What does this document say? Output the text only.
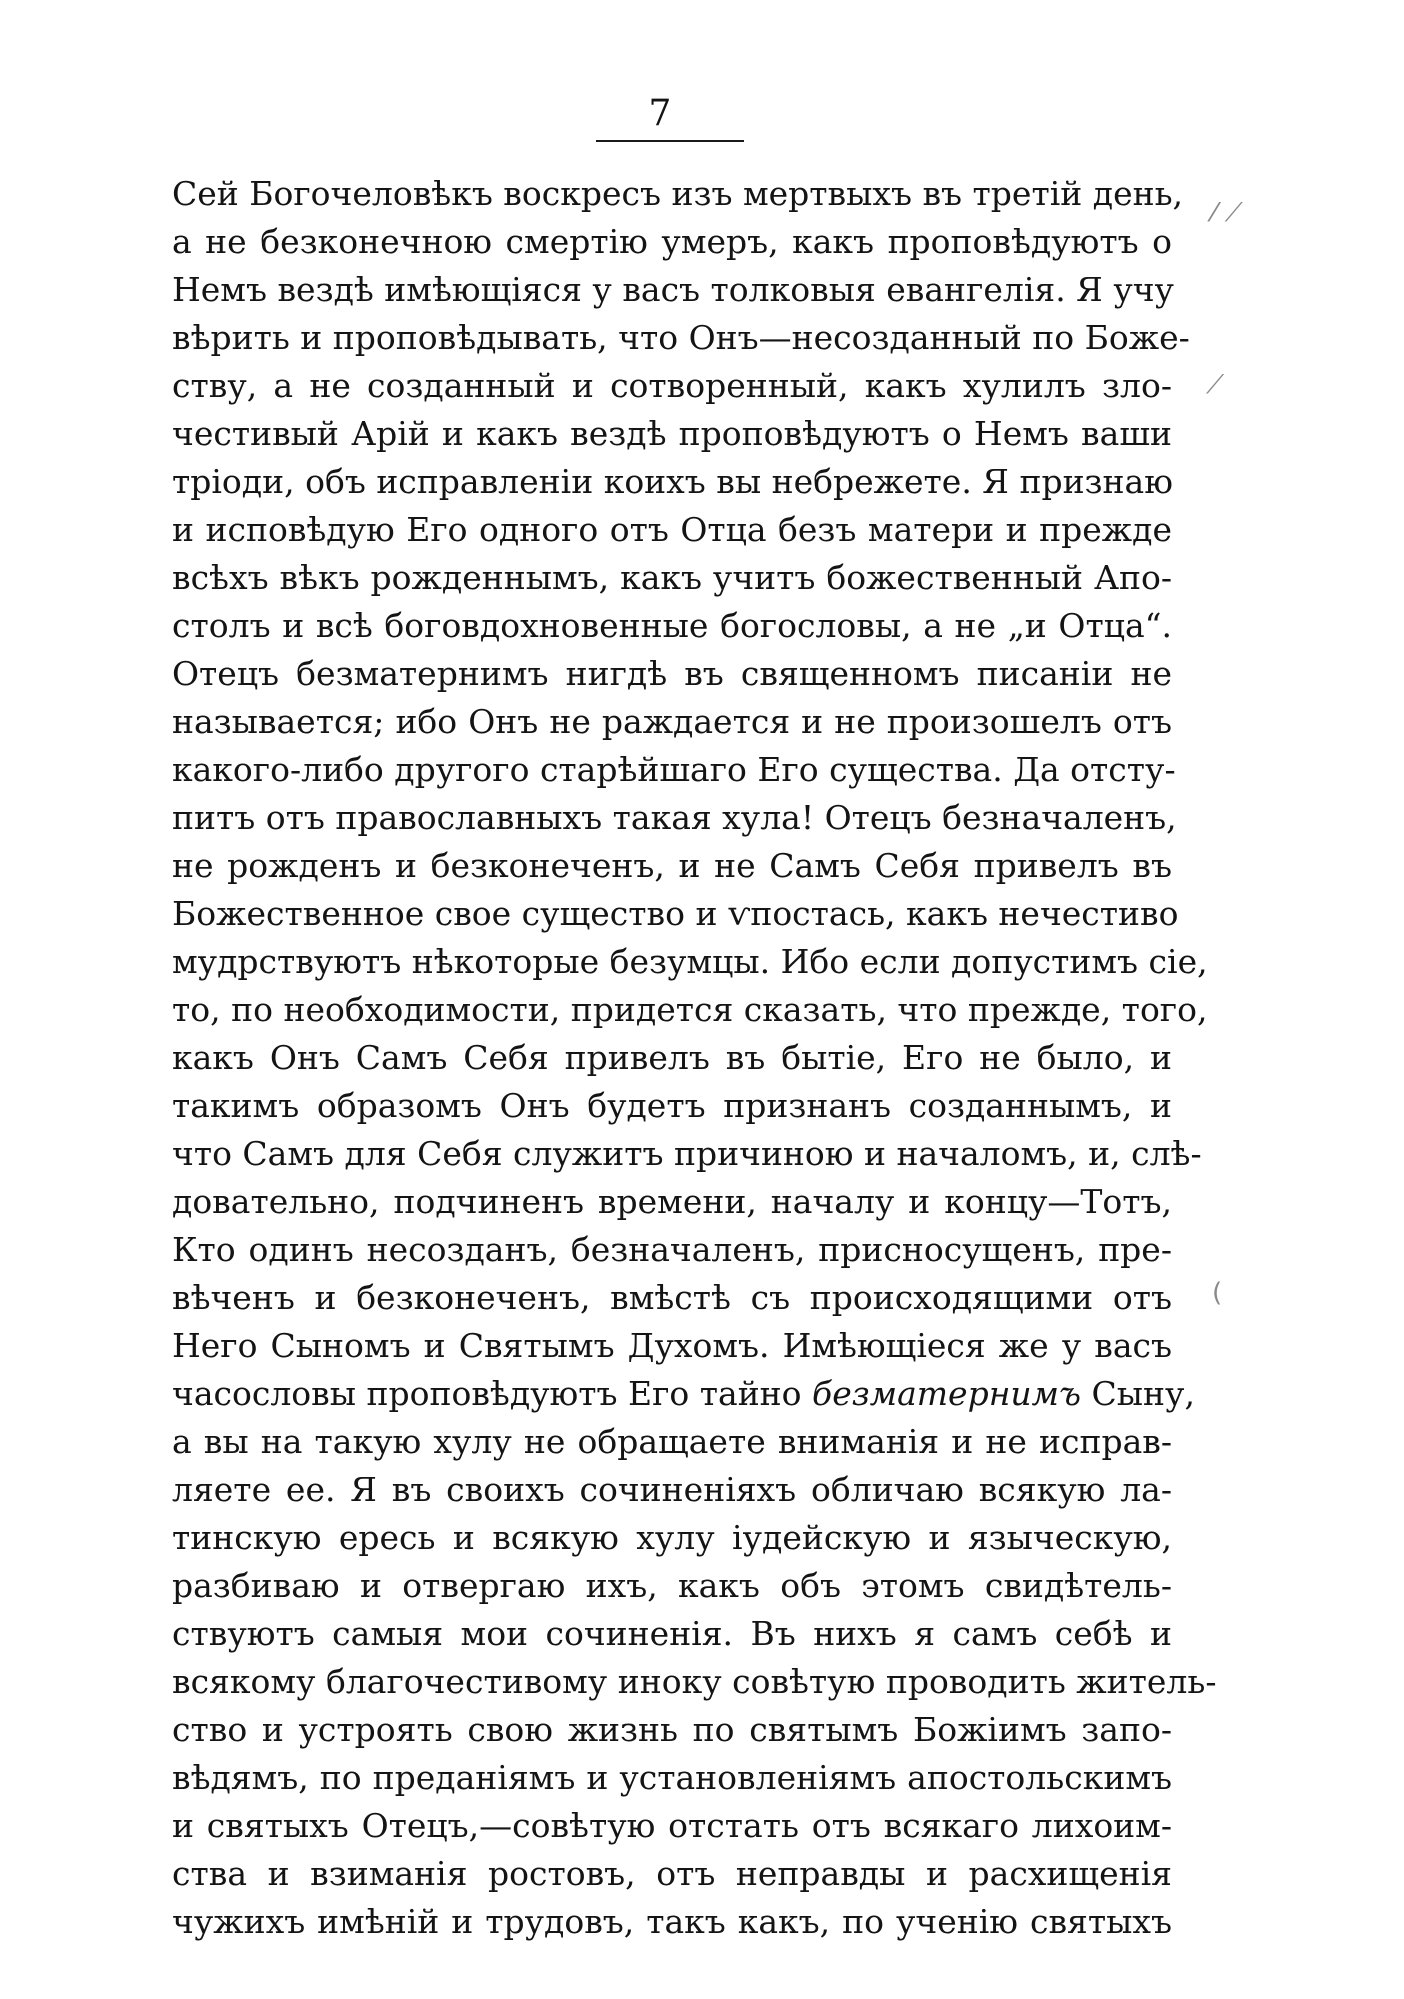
7
⁄ ⟋
⟋
(
Сей Богочеловѣкъ воскресъ изъ мертвыхъ въ третій день,
а не безконечною смертію умеръ, какъ проповѣдуютъ о
Немъ вездѣ имѣющіяся у васъ толковыя евангелія. Я учу
вѣрить и проповѣдывать, что Онъ—несозданный по Боже-
ству, а не созданный и сотворенный, какъ хулилъ зло-
честивый Арій и какъ вездѣ проповѣдуютъ о Немъ ваши
тріоди, объ исправленіи коихъ вы небрежете. Я признаю
и исповѣдую Его одного отъ Отца безъ матери и прежде
всѣхъ вѣкъ рожденнымъ, какъ учитъ божественный Апо-
столъ и всѣ боговдохновенные богословы, а не „и Отца“.
Отецъ безматернимъ нигдѣ въ священномъ писаніи не
называется; ибо Онъ не раждается и не произошелъ отъ
какого-либо другого старѣйшаго Его существа. Да отсту-
питъ отъ православныхъ такая хула! Отецъ безначаленъ,
не рожденъ и безконеченъ, и не Самъ Себя привелъ въ
Божественное свое существо и ѵпостась, какъ нечестиво
мудрствуютъ нѣкоторые безумцы. Ибо если допустимъ сіе,
то, по необходимости, придется сказать, что прежде, того,
какъ Онъ Самъ Себя привелъ въ бытіе, Его не было, и
такимъ образомъ Онъ будетъ признанъ созданнымъ, и
что Самъ для Себя служитъ причиною и началомъ, и, слѣ-
довательно, подчиненъ времени, началу и концу—Тотъ,
Кто одинъ несозданъ, безначаленъ, присносущенъ, пре-
вѣченъ и безконеченъ, вмѣстѣ съ происходящими отъ
Него Сыномъ и Святымъ Духомъ. Имѣющіеся же у васъ
часословы проповѣдуютъ Его тайно безматернимъ Сыну,
а вы на такую хулу не обращаете вниманія и не исправ-
ляете ее. Я въ своихъ сочиненіяхъ обличаю всякую ла-
тинскую ересь и всякую хулу іудейскую и языческую,
разбиваю и отвергаю ихъ, какъ объ этомъ свидѣтель-
ствуютъ самыя мои сочиненія. Въ нихъ я самъ себѣ и
всякому благочестивому иноку совѣтую проводить житель-
ство и устроять свою жизнь по святымъ Божіимъ запо-
вѣдямъ, по преданіямъ и установленіямъ апостольскимъ
и святыхъ Отецъ,—совѣтую отстать отъ всякаго лихоим-
ства и взиманія ростовъ, отъ неправды и расхищенія
чужихъ имѣній и трудовъ, такъ какъ, по ученію святыхъ
